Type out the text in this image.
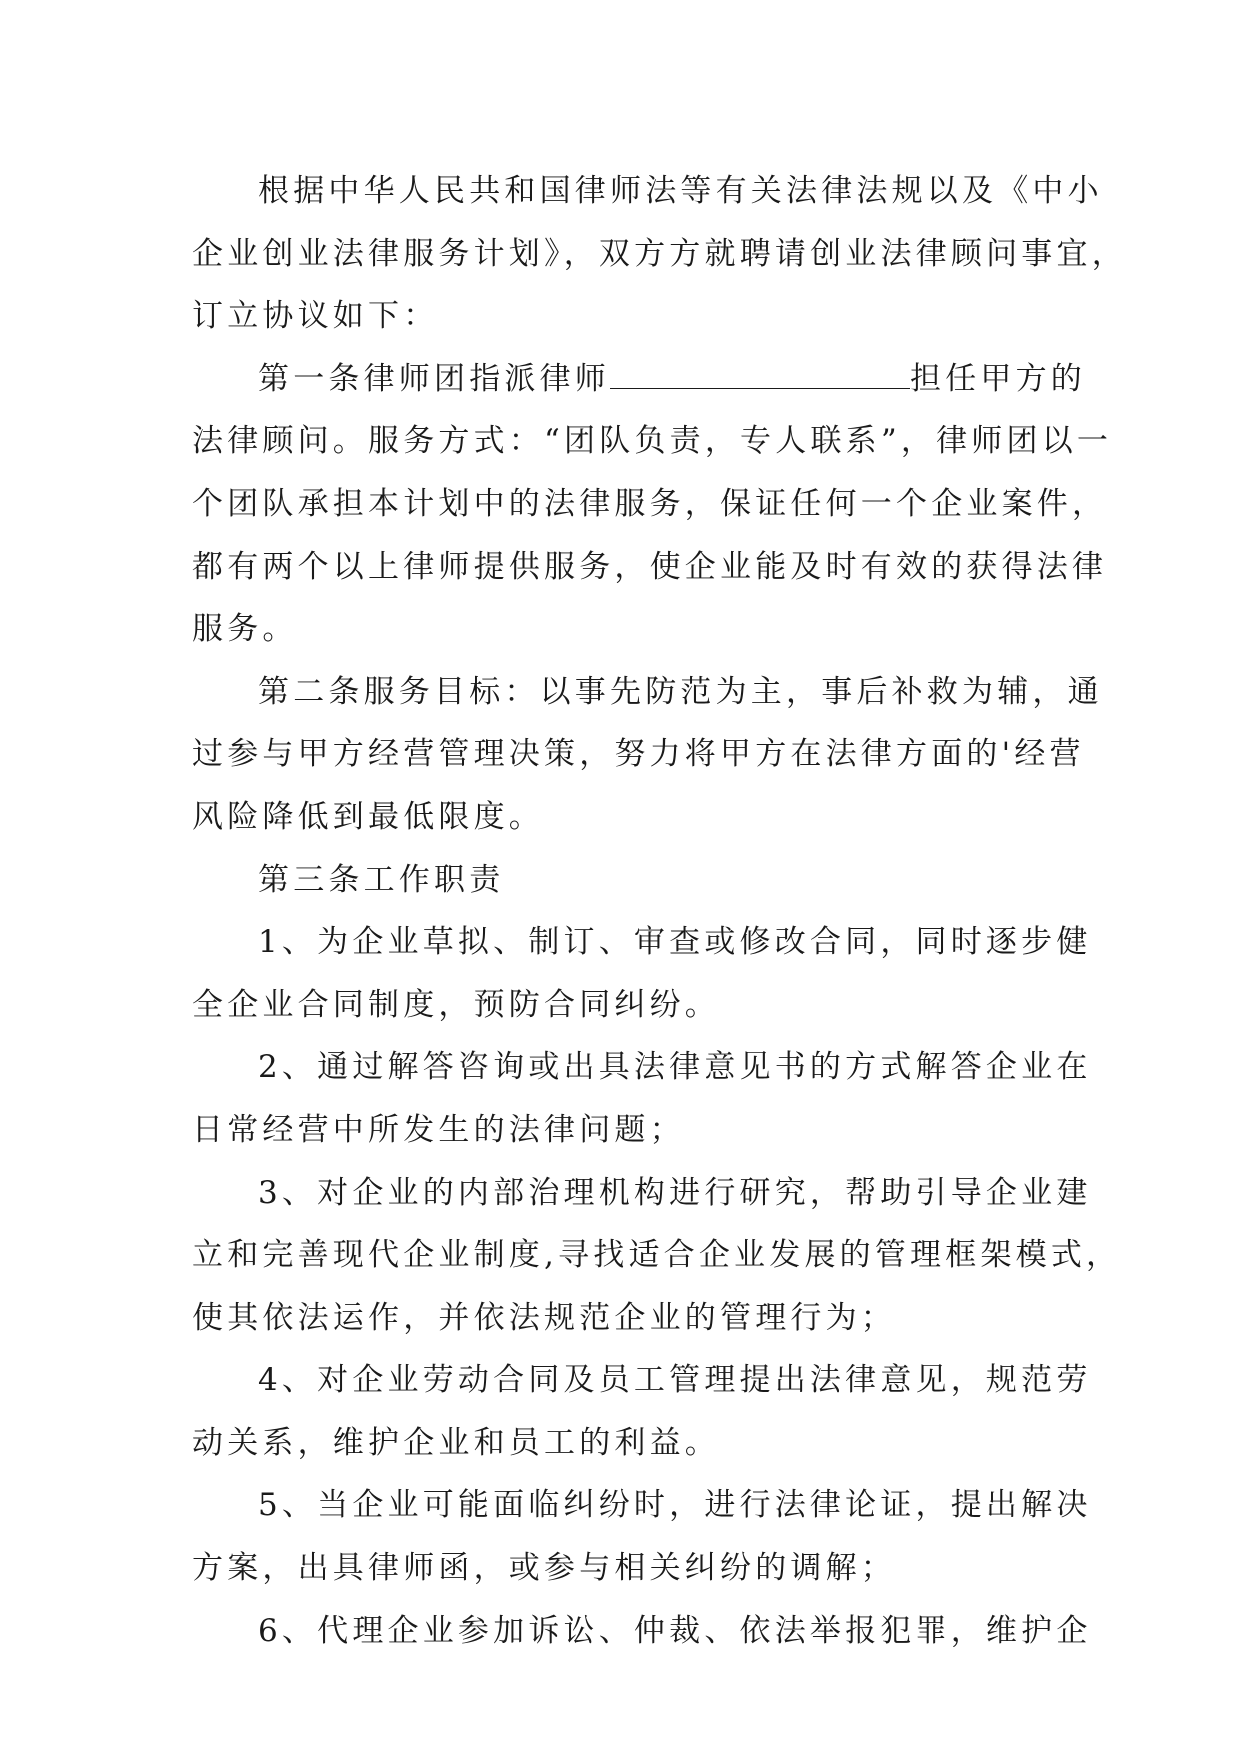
根据中华人民共和国律师法等有关法律法规以及《中小

企业创业法律服务计划》，双方方就聘请创业法律顾问事宜，
订立协议如下：

第一条律师团指派律师	担任甲方的

法律顾问。服务方式：“团队负责，专人联系”，律师团以一
个团队承担本计划中的法律服务，保证任何一个企业案件，
都有两个以上律师提供服务，使企业能及时有效的获得法律
服务。

第二条服务目标：以事先防范为主，事后补救为辅，通

过参与甲方经营管理决策，努力将甲方在法律方面的'经营
风险降低到最低限度。

第三条工作职责

1、为企业草拟、制订、审查或修改合同，同时逐步健

全企业合同制度，预防合同纠纷。

2、通过解答咨询或出具法律意见书的方式解答企业在

日常经营中所发生的法律问题；

3、对企业的内部治理机构进行研究，帮助引导企业建

立和完善现代企业制度,寻找适合企业发展的管理框架模式，
使其依法运作，并依法规范企业的管理行为；

4、对企业劳动合同及员工管理提出法律意见，规范劳

动关系，维护企业和员工的利益。

5、当企业可能面临纠纷时，进行法律论证，提出解决

方案，出具律师函，或参与相关纠纷的调解；

6、代理企业参加诉讼、仲裁、依法举报犯罪，维护企
